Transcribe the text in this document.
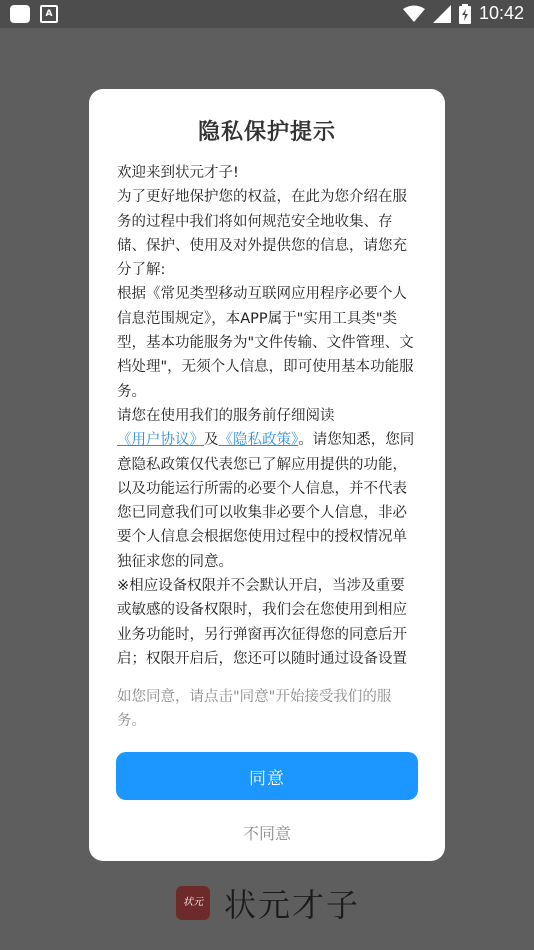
A	10:42
隐私保护提示

欢迎来到状元才子!

为了更好地保护您的权益，在此为您介绍在服务的过程中我们将如何规范安全地收集、存储、保护、使用及对外提供您的信息，请您充分了解:

根据《常见类型移动互联网应用程序必要个人信息范围规定》，本APP属于"实用工具类"类型，基本功能服务为"文件传输、文件管理、文档处理"，无须个人信息，即可使用基本功能服务。

请您在使用我们的服务前仔细阅读《用户协议》及《隐私政策》。请您知悉，您同意隐私政策仅代表您已了解应用提供的功能，以及功能运行所需的必要个人信息，并不代表您已同意我们可以收集非必要个人信息，非必要个人信息会根据您使用过程中的授权情况单独征求您的同意。

※相应设备权限并不会默认开启，当涉及重要或敏感的设备权限时，我们会在您使用到相应业务功能时，另行弹窗再次征得您的同意后开启；权限开启后，您还可以随时通过设备设置

如您同意，请点击"同意"开始接受我们的服务。
同意
不同意
状元 状元才子
